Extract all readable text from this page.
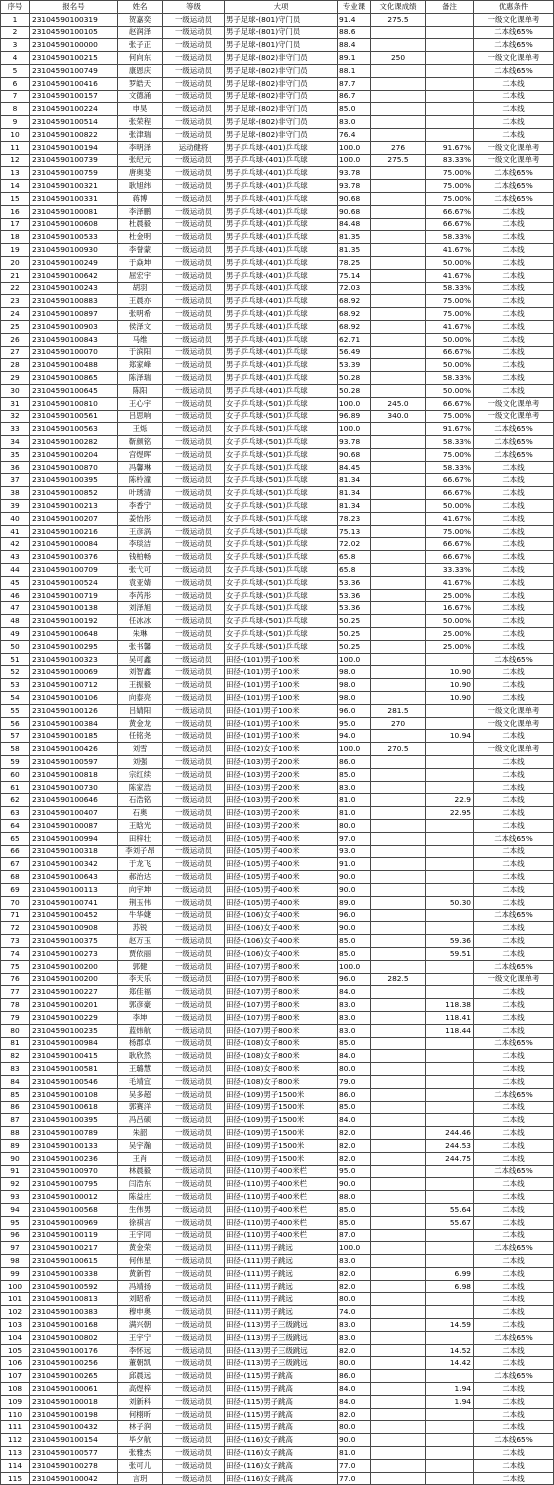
序号	报名号	姓名	等级	大项	专业课	文化课成绩	备注	优惠条件
1	23104590100319	贺嘉奕	一级运动员	男子足球-(801)守门员	91.4	275.5		一级文化课单考
2	23104590100105	赵润泽	一级运动员	男子足球-(801)守门员	88.6			二本线65%
3	23104590100000	张子正	一级运动员	男子足球-(801)守门员	88.4			二本线65%
4	23104590100215	何向东	一级运动员	男子足球-(802)非守门员	89.1	250		一级文化课单考
5	23104590100749	康恩庆	一级运动员	男子足球-(802)非守门员	88.1			二本线65%
6	23104590100416	罗皓天	一级运动员	男子足球-(802)非守门员	87.7			二本线
7	23104590100157	文德涌	一级运动员	男子足球-(802)非守门员	86.7			二本线
8	23104590100224	申昊	一级运动员	男子足球-(802)非守门员	85.0			二本线
9	23104590100514	张荣程	一级运动员	男子足球-(802)非守门员	83.0			二本线
10	23104590100822	张津瑞	一级运动员	男子足球-(802)非守门员	76.4			二本线
11	23104590100194	李明泽	运动健将	男子乒乓球-(401)乒乓球	100.0	276	91.67%	一级文化课单考
12	23104590100739	张纪元	一级运动员	男子乒乓球-(401)乒乓球	100.0	275.5	83.33%	一级文化课单考
13	23104590100759	唐奥斐	一级运动员	男子乒乓球-(401)乒乓球	93.78		75.00%	二本线65%
14	23104590100321	耿旭纬	一级运动员	男子乒乓球-(401)乒乓球	93.78		75.00%	二本线65%
15	23104590100331	蒋博	一级运动员	男子乒乓球-(401)乒乓球	90.68		75.00%	二本线65%
16	23104590100081	李泽鹏	一级运动员	男子乒乓球-(401)乒乓球	90.68		66.67%	二本线
17	23104590100608	杜晨毅	一级运动员	男子乒乓球-(401)乒乓球	84.48		66.67%	二本线
18	23104590100533	杜金明	一级运动员	男子乒乓球-(401)乒乓球	81.35		58.33%	二本线
19	23104590100930	李誉蒙	一级运动员	男子乒乓球-(401)乒乓球	81.35		41.67%	二本线
20	23104590100249	于焱坤	一级运动员	男子乒乓球-(401)乒乓球	78.25		50.00%	二本线
21	23104590100642	屈宏宇	一级运动员	男子乒乓球-(401)乒乓球	75.14		41.67%	二本线
22	23104590100243	胡羽	一级运动员	男子乒乓球-(401)乒乓球	72.03		58.33%	二本线
23	23104590100883	王晨亦	一级运动员	男子乒乓球-(401)乒乓球	68.92		75.00%	二本线
24	23104590100897	张明希	一级运动员	男子乒乓球-(401)乒乓球	68.92		75.00%	二本线
25	23104590100903	侯泽文	一级运动员	男子乒乓球-(401)乒乓球	68.92		41.67%	二本线
26	23104590100843	马维	一级运动员	男子乒乓球-(401)乒乓球	62.71		50.00%	二本线
27	23104590100070	于滨阳	一级运动员	男子乒乓球-(401)乒乓球	56.49		66.67%	二本线
28	23104590100488	郑家峰	一级运动员	男子乒乓球-(401)乒乓球	53.39		50.00%	二本线
29	23104590100865	陈泽瑞	一级运动员	男子乒乓球-(401)乒乓球	50.28		58.33%	二本线
30	23104590100645	陈阳	一级运动员	男子乒乓球-(401)乒乓球	50.28		50.00%	二本线
31	23104590100810	王心宇	一级运动员	女子乒乓球-(501)乒乓球	100.0	245.0	66.67%	一级文化课单考
32	23104590100561	吕思响	一级运动员	女子乒乓球-(501)乒乓球	96.89	340.0	75.00%	一级文化课单考
33	23104590100563	王烁	一级运动员	女子乒乓球-(501)乒乓球	100.0		91.67%	二本线65%
34	23104590100282	靳颜铭	一级运动员	女子乒乓球-(501)乒乓球	93.78		58.33%	二本线65%
35	23104590100204	宫煜晖	一级运动员	女子乒乓球-(501)乒乓球	90.68		75.00%	二本线65%
36	23104590100870	冯馨琳	一级运动员	女子乒乓球-(501)乒乓球	84.45		58.33%	二本线
37	23104590100395	陈柃潼	一级运动员	女子乒乓球-(501)乒乓球	81.34		66.67%	二本线
38	23104590100852	叶琇清	一级运动员	女子乒乓球-(501)乒乓球	81.34		66.67%	二本线
39	23104590100213	李香宁	一级运动员	女子乒乓球-(501)乒乓球	81.34		50.00%	二本线
40	23104590100207	姜怡彤	一级运动员	女子乒乓球-(501)乒乓球	78.23		41.67%	二本线
41	23104590100216	王彦涡	一级运动员	女子乒乓球-(501)乒乓球	75.13		75.00%	二本线
42	23104590100084	李琰洁	一级运动员	女子乒乓球-(501)乒乓球	72.02		66.67%	二本线
43	23104590100376	钱柏畅	一级运动员	女子乒乓球-(501)乒乓球	65.8		66.67%	二本线
44	23104590100709	张弋可	一级运动员	女子乒乓球-(501)乒乓球	65.8		33.33%	二本线
45	23104590100524	袁亚婧	一级运动员	女子乒乓球-(501)乒乓球	53.36		41.67%	二本线
46	23104590100719	李芮彤	一级运动员	女子乒乓球-(501)乒乓球	53.36		25.00%	二本线
47	23104590100138	刘泽旭	一级运动员	女子乒乓球-(501)乒乓球	53.36		16.67%	二本线
48	23104590100192	任冰冰	一级运动员	女子乒乓球-(501)乒乓球	50.25		50.00%	二本线
49	23104590100648	朱琳	一级运动员	女子乒乓球-(501)乒乓球	50.25		25.00%	二本线
50	23104590100295	张书馨	一级运动员	女子乒乓球-(501)乒乓球	50.25		25.00%	二本线
51	23104590100323	吴可鑫	一级运动员	田径-(101)男子100米	100.0			二本线65%
52	23104590100069	刘智鑫	一级运动员	田径-(101)男子100米	98.0		10.90	二本线
53	23104590100712	王振毅	一级运动员	田径-(101)男子100米	98.0		10.90	二本线
54	23104590100106	向泰亮	一级运动员	田径-(101)男子100米	98.0		10.90	二本线
55	23104590100126	吕婧阳	一级运动员	田径-(101)男子100米	96.0	281.5		一级文化课单考
56	23104590100384	黄金龙	一级运动员	田径-(101)男子100米	95.0	270		一级文化课单考
57	23104590100185	任铭尧	一级运动员	田径-(101)男子100米	94.0		10.94	二本线
58	23104590100426	刘雪	一级运动员	田径-(102)女子100米	100.0	270.5		一级文化课单考
59	23104590100597	刘强	一级运动员	田径-(103)男子200米	86.0			二本线
60	23104590100818	宗红续	一级运动员	田径-(103)男子200米	85.0			二本线
61	23104590100730	陈家浩	一级运动员	田径-(103)男子200米	83.0			二本线
62	23104590100646	石浩铭	一级运动员	田径-(103)男子200米	81.0		22.9	二本线
63	23104590100407	石奥	一级运动员	田径-(103)男子200米	81.0		22.95	二本线
64	23104590100087	王晗光	一级运动员	田径-(103)男子200米	80.0			二本线
65	23104590100994	田梓壮	一级运动员	田径-(105)男子400米	97.0			二本线65%
66	23104590100318	李刘子昂	一级运动员	田径-(105)男子400米	93.0			二本线
67	23104590100342	于龙飞	一级运动员	田径-(105)男子400米	91.0			二本线
68	23104590100643	郝治达	一级运动员	田径-(105)男子400米	90.0			二本线
69	23104590100113	向宇坤	一级运动员	田径-(105)男子400米	90.0			二本线
70	23104590100741	荆玉伟	一级运动员	田径-(105)男子400米	89.0		50.30	二本线
71	23104590100452	牛华婕	一级运动员	田径-(106)女子400米	96.0			二本线65%
72	23104590100908	苏锐	一级运动员	田径-(106)女子400米	90.0			二本线
73	23104590100375	赵万玉	一级运动员	田径-(106)女子400米	85.0		59.36	二本线
74	23104590100273	贾依丽	一级运动员	田径-(106)女子400米	85.0		59.51	二本线
75	23104590100200	郭健	一级运动员	田径-(107)男子800米	100.0			二本线65%
76	23104590100200	李天乐	一级运动员	田径-(107)男子800米	96.0	282.5		一级文化课单考
77	23104590100227	郑佳福	一级运动员	田径-(107)男子800米	84.0			二本线
78	23104590100201	郭彦豪	一级运动员	田径-(107)男子800米	83.0		118.38	二本线
79	23104590100229	李坤	一级运动员	田径-(107)男子800米	83.0		118.41	二本线
80	23104590100235	蓝炜航	一级运动员	田径-(107)男子800米	83.0		118.44	二本线
81	23104590100984	杨郡卓	一级运动员	田径-(108)女子800米	85.0			二本线65%
82	23104590100415	耿欣然	一级运动员	田径-(108)女子800米	84.0			二本线
83	23104590100581	王璐慧	一级运动员	田径-(108)女子800米	80.0			二本线
84	23104590100546	毛靖宜	一级运动员	田径-(108)女子800米	79.0			二本线
85	23104590100108	吴多超	一级运动员	田径-(109)男子1500米	86.0			二本线65%
86	23104590100618	郭赛洋	一级运动员	田径-(109)男子1500米	85.0			二本线
87	23104590100395	冯吕硕	一级运动员	田径-(109)男子1500米	84.0			二本线
88	23104590100789	朱韶	一级运动员	田径-(109)男子1500米	82.0		244.46	二本线
89	23104590100133	吴宇瀚	一级运动员	田径-(109)男子1500米	82.0		244.53	二本线
90	23104590100236	王肖	一级运动员	田径-(109)男子1500米	82.0		244.75	二本线
91	23104590100970	林晨毅	一级运动员	田径-(110)男子400米栏	95.0			二本线65%
92	23104590100795	闫浩东	一级运动员	田径-(110)男子400米栏	90.0			二本线
93	23104590100012	陈益庄	一级运动员	田径-(110)男子400米栏	88.0			二本线
94	23104590100568	生伟男	一级运动员	田径-(110)男子400米栏	85.0		55.64	二本线
95	23104590100969	徐祺言	一级运动员	田径-(110)男子400米栏	85.0		55.67	二本线
96	23104590100119	王宇同	一级运动员	田径-(110)男子400米栏	87.0			二本线
97	23104590100217	黄金荣	一级运动员	田径-(111)男子跳远	100.0			二本线65%
98	23104590100615	何伟星	一级运动员	田径-(111)男子跳远	83.0			二本线
99	23104590100338	黄新哲	一级运动员	田径-(111)男子跳远	82.0		6.99	二本线
100	23104590100592	冯靖扬	一级运动员	田径-(111)男子跳远	82.0		6.98	二本线
101	23104590100813	刘昭希	一级运动员	田径-(111)男子跳远	80.0			二本线
102	23104590100383	穆申奥	一级运动员	田径-(111)男子跳远	74.0			二本线
103	23104590100168	满兴朝	一级运动员	田径-(113)男子三级跳远	83.0		14.59	二本线
104	23104590100802	王宇宁	一级运动员	田径-(113)男子三级跳远	83.0			二本线65%
105	23104590100176	李怀远	一级运动员	田径-(113)男子三级跳远	82.0		14.52	二本线
106	23104590100256	董朝凯	一级运动员	田径-(113)男子三级跳远	80.0		14.42	二本线
107	23104590100265	邱晨远	一级运动员	田径-(115)男子跳高	86.0			二本线65%
108	23104590100061	高煜梓	一级运动员	田径-(115)男子跳高	84.0		1.94	二本线
109	23104590100018	刘新科	一级运动员	田径-(115)男子跳高	84.0		1.94	二本线
110	23104590100198	何栩昕	一级运动员	田径-(115)男子跳高	82.0			二本线
111	23104590100432	林子润	一级运动员	田径-(115)男子跳高	80.0			二本线
112	23104590100154	毕夕航	一级运动员	田径-(116)女子跳高	90.0			二本线65%
113	23104590100577	张雅杰	一级运动员	田径-(116)女子跳高	81.0			二本线
114	23104590100278	张可儿	一级运动员	田径-(116)女子跳高	77.0			二本线
115	23104590100042	言玥	一级运动员	田径-(116)女子跳高	77.0			二本线
